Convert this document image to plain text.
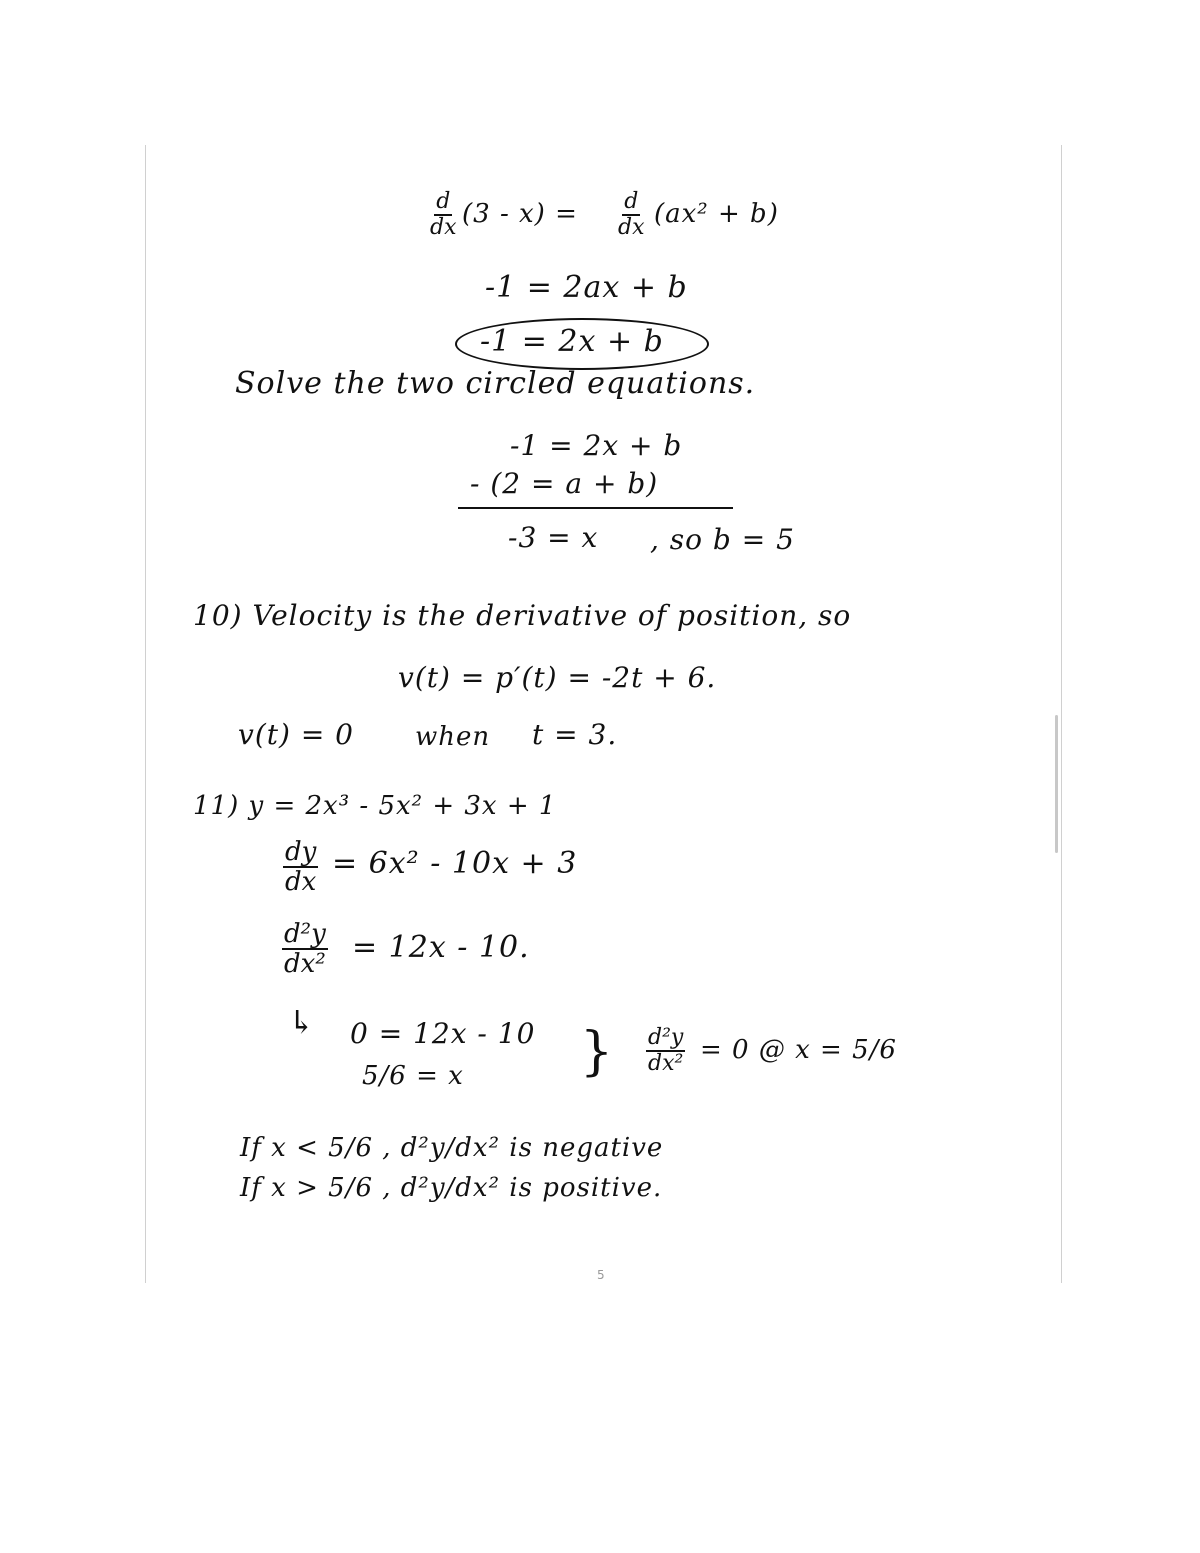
$\frac{d}{dx} (3 - x) = \frac{d}{dx} (ax^2 + b)$
-1 = 2ax + b
-1 = 2x + b
Solve the two circled equations.
-1 = 2x + b
- (2 = a + b)
-3 = x , so b = 5
10) Velocity is the derivative of position, so
v(t) = p′(t) = -2t + 6.
v(t) = 0 when t = 3.
11) y = 2x³ - 5x² + 3x + 1
$\frac{dy}{dx} = 6x^2 - 10x + 3$
$\frac{\text{d²y}}{\text{dx²}} = 12x - 10$.
↳ 0 = 12x - 10
5/6 = x } $\frac{\text{d²y}}{\text{dx²}} = 0$ @ x = 5/6
If x < 5/6 , d²y/dx² is negative
If x > 5/6 , d²y/dx² is positive.
5
